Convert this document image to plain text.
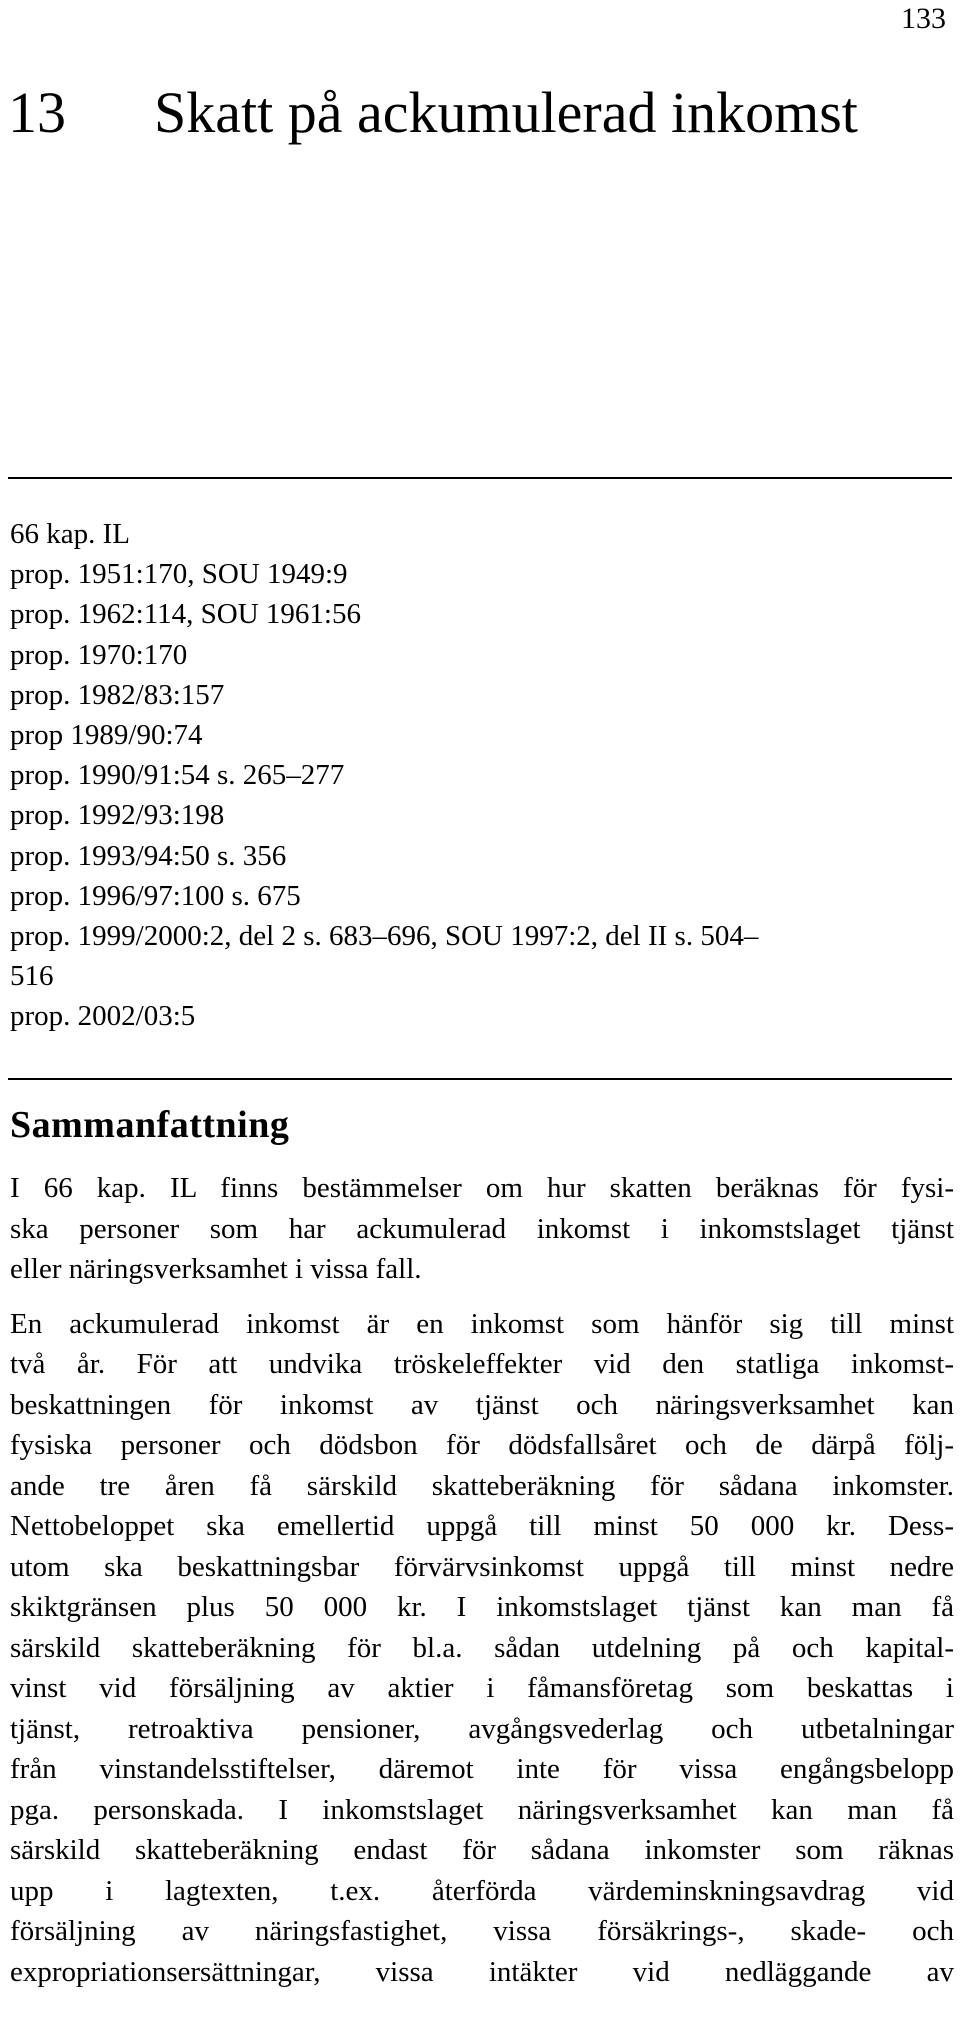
133
13	Skatt på ackumulerad inkomst
66 kap. IL
prop. 1951:170, SOU 1949:9
prop. 1962:114, SOU 1961:56
prop. 1970:170
prop. 1982/83:157
prop 1989/90:74
prop. 1990/91:54 s. 265–277
prop. 1992/93:198
prop. 1993/94:50 s. 356
prop. 1996/97:100 s. 675
prop. 1999/2000:2, del 2 s. 683–696, SOU 1997:2, del II s. 504–
516
prop. 2002/03:5
Sammanfattning

I 66 kap. IL finns bestämmelser om hur skatten beräknas för fysi-
ska personer som har ackumulerad inkomst i inkomstslaget tjänst
eller näringsverksamhet i vissa fall.

En ackumulerad inkomst är en inkomst som hänför sig till minst
två år. För att undvika tröskeleffekter vid den statliga inkomst-
beskattningen för inkomst av tjänst och näringsverksamhet kan
fysiska personer och dödsbon för dödsfallsåret och de därpå följ-
ande tre åren få särskild skatteberäkning för sådana inkomster.
Nettobeloppet ska emellertid uppgå till minst 50 000 kr. Dess-
utom ska beskattningsbar förvärvsinkomst uppgå till minst nedre
skiktgränsen plus 50 000 kr. I inkomstslaget tjänst kan man få
särskild skatteberäkning för bl.a. sådan utdelning på och kapital-
vinst vid försäljning av aktier i fåmansföretag som beskattas i
tjänst, retroaktiva pensioner, avgångsvederlag och utbetalningar
från vinstandelsstiftelser, däremot inte för vissa engångsbelopp
pga. personskada. I inkomstslaget näringsverksamhet kan man få
särskild skatteberäkning endast för sådana inkomster som räknas
upp i lagtexten, t.ex. återförda värdeminskningsavdrag vid
försäljning av näringsfastighet, vissa försäkrings-, skade- och
expropriationsersättningar, vissa intäkter vid nedläggande av
